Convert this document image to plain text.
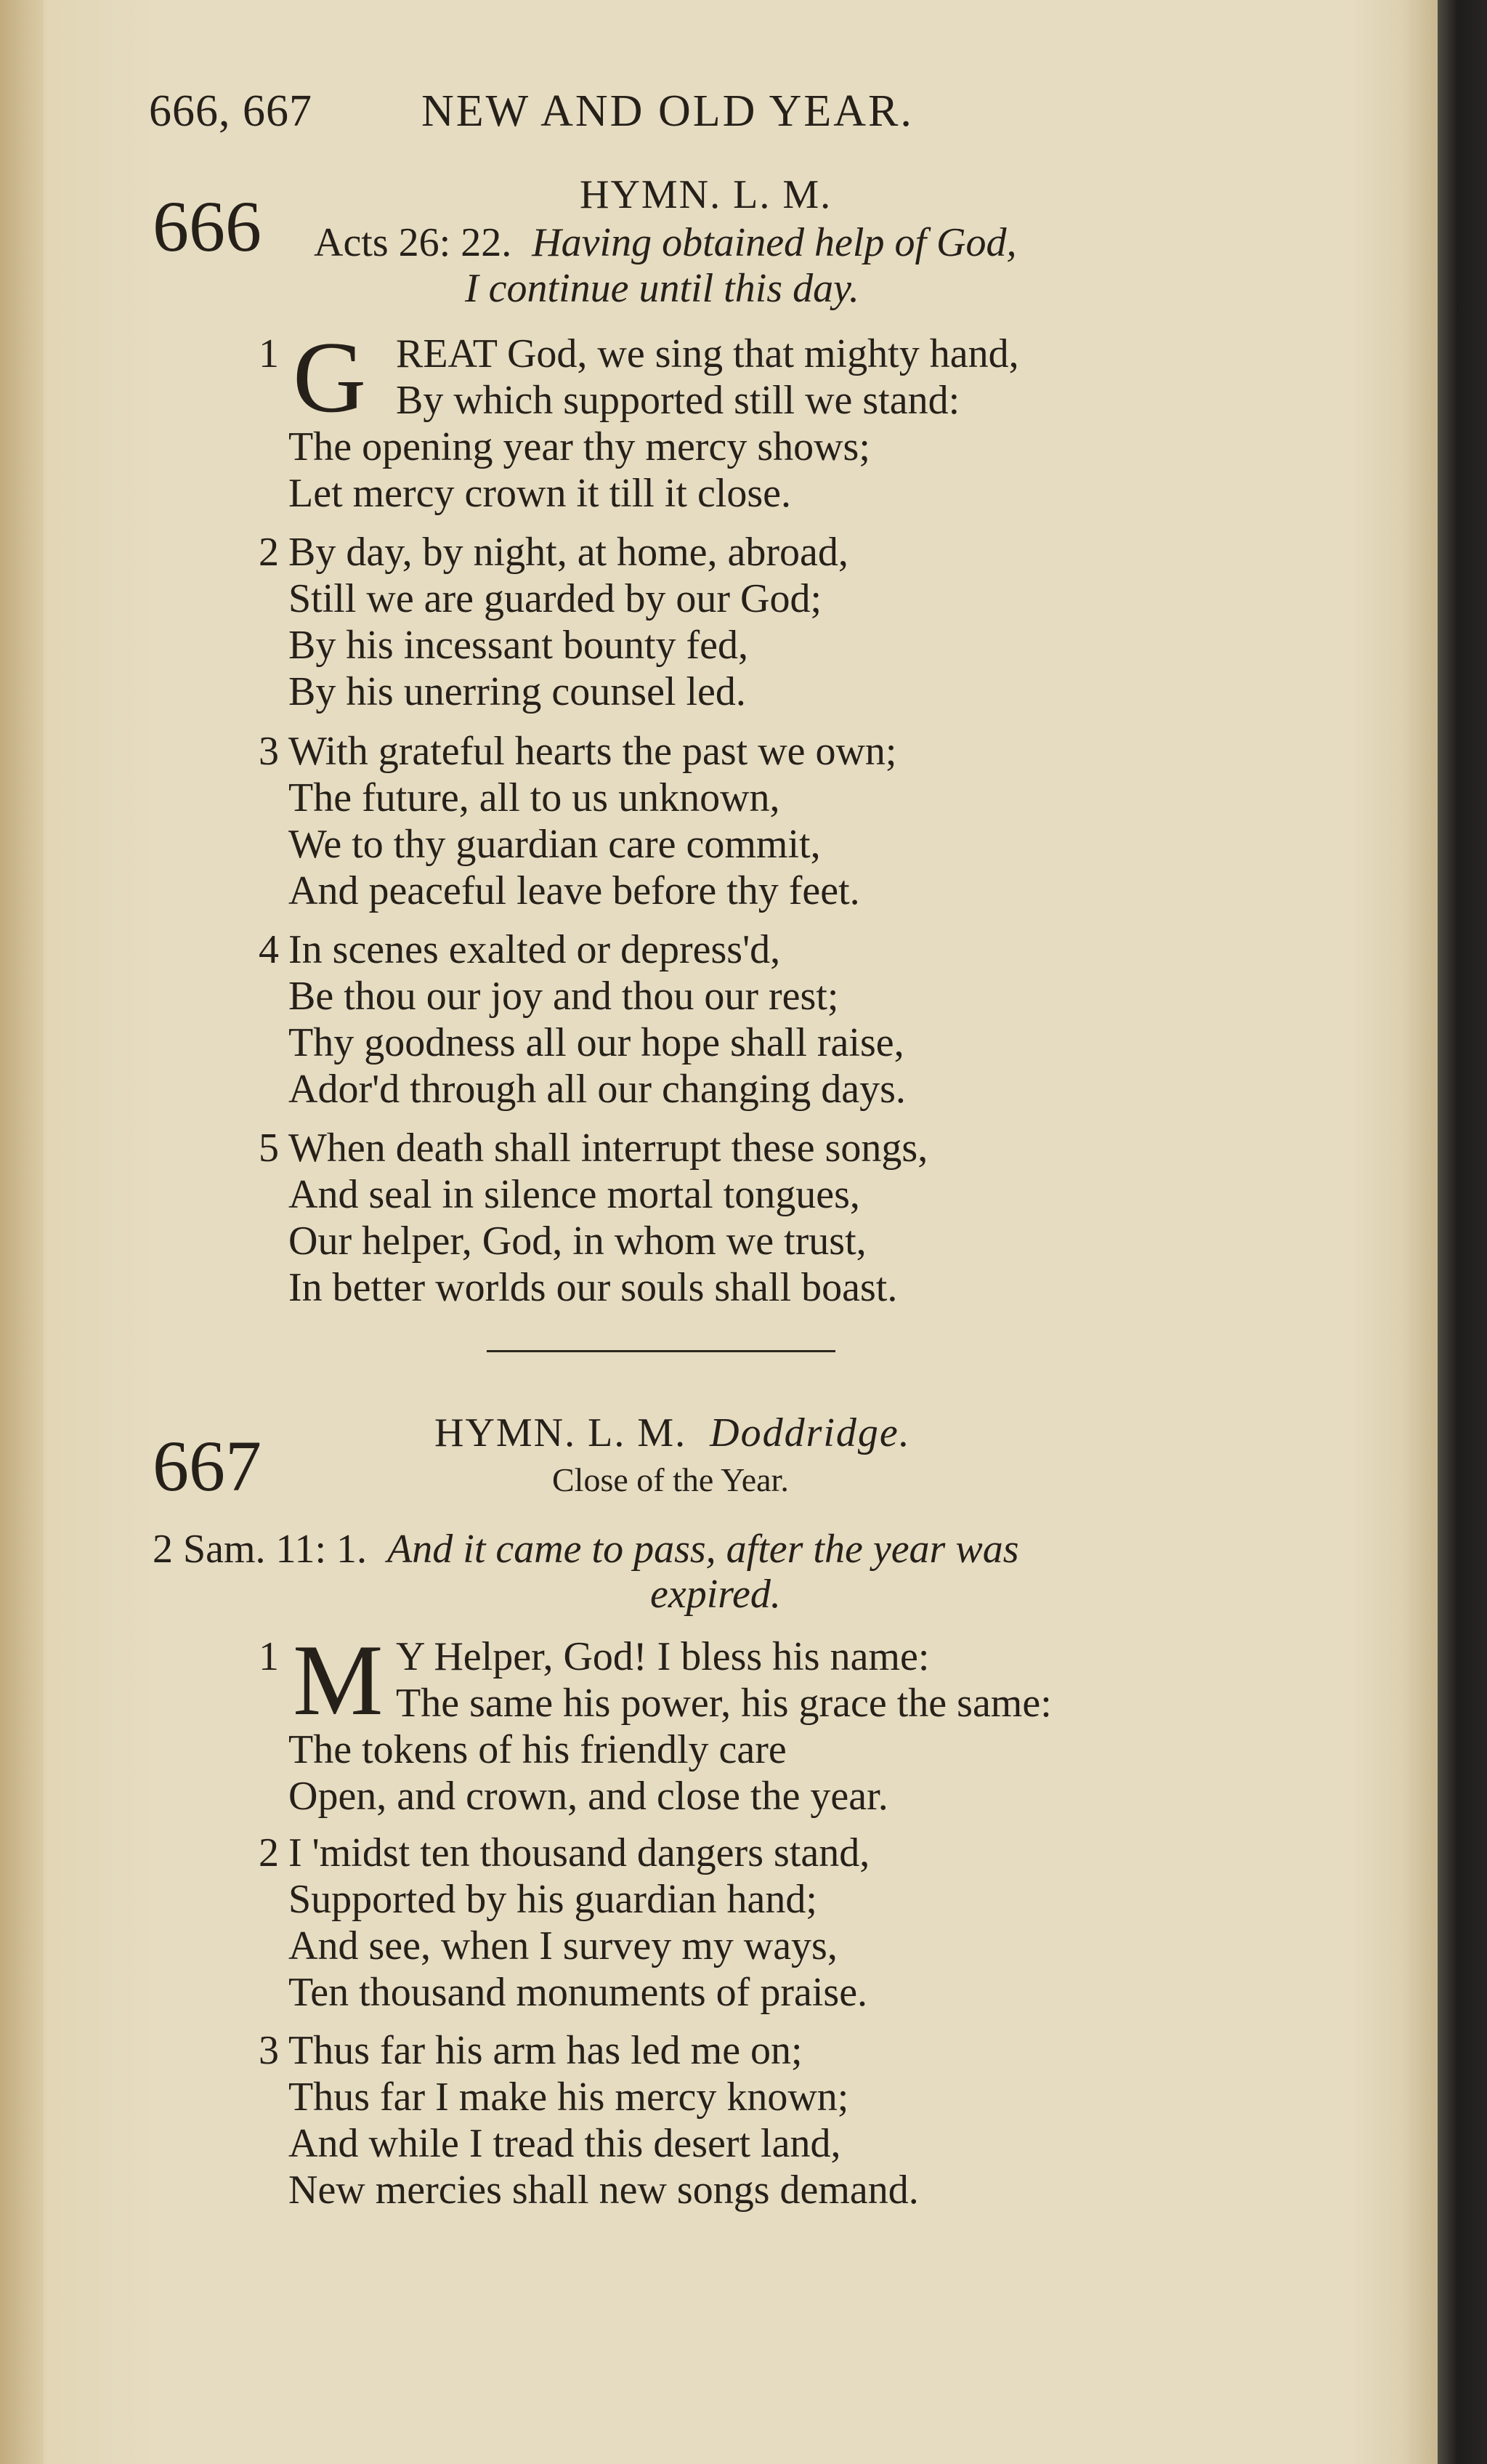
666, 667 NEW AND OLD YEAR.
666	HYMN. L. M.
Acts 26: 22. Having obtained help of God,
I continue until this day.
1 G REAT God, we sing that mighty hand,
By which supported still we stand:
The opening year thy mercy shows;
Let mercy crown it till it close.
2 By day, by night, at home, abroad,
Still we are guarded by our God;
By his incessant bounty fed,
By his unerring counsel led.
3 With grateful hearts the past we own;
The future, all to us unknown,
We to thy guardian care commit,
And peaceful leave before thy feet.
4 In scenes exalted or depress'd,
Be thou our joy and thou our rest;
Thy goodness all our hope shall raise,
Ador'd through all our changing days.
5 When death shall interrupt these songs,
And seal in silence mortal tongues,
Our helper, God, in whom we trust,
In better worlds our souls shall boast.
667	HYMN. L. M. Doddridge.
Close of the Year.
2 Sam. 11: 1. And it came to pass, after the year was
expired.
1 M Y Helper, God! I bless his name:
The same his power, his grace the same:
The tokens of his friendly care
Open, and crown, and close the year.
2 I 'midst ten thousand dangers stand,
Supported by his guardian hand;
And see, when I survey my ways,
Ten thousand monuments of praise.
3 Thus far his arm has led me on;
Thus far I make his mercy known;
And while I tread this desert land,
New mercies shall new songs demand.
